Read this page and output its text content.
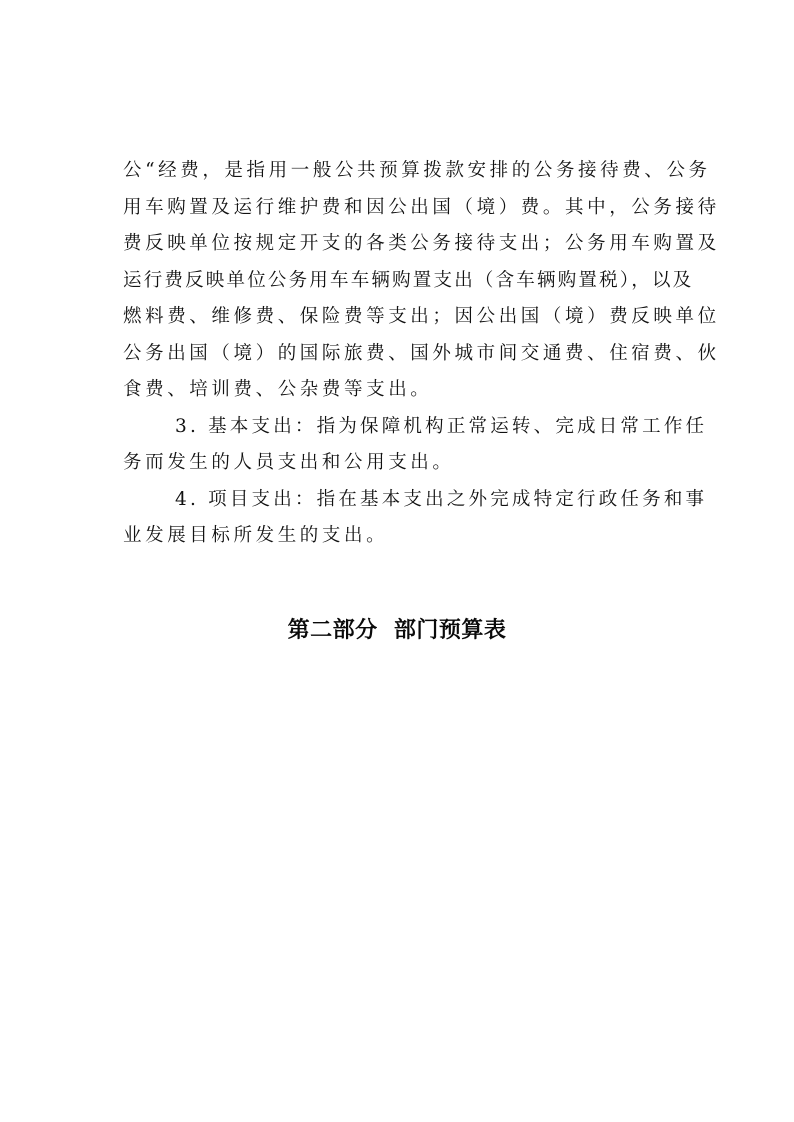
公“经费，是指用一般公共预算拨款安排的公务接待费、公务
用车购置及运行维护费和因公出国（境）费。其中，公务接待
费反映单位按规定开支的各类公务接待支出；公务用车购置及
运行费反映单位公务用车车辆购置支出（含车辆购置税），以及
燃料费、维修费、保险费等支出；因公出国（境）费反映单位
公务出国（境）的国际旅费、国外城市间交通费、住宿费、伙
食费、培训费、公杂费等支出。
3. 基本支出：指为保障机构正常运转、完成日常工作任
务而发生的人员支出和公用支出。
4. 项目支出：指在基本支出之外完成特定行政任务和事
业发展目标所发生的支出。
第二部分  部门预算表
